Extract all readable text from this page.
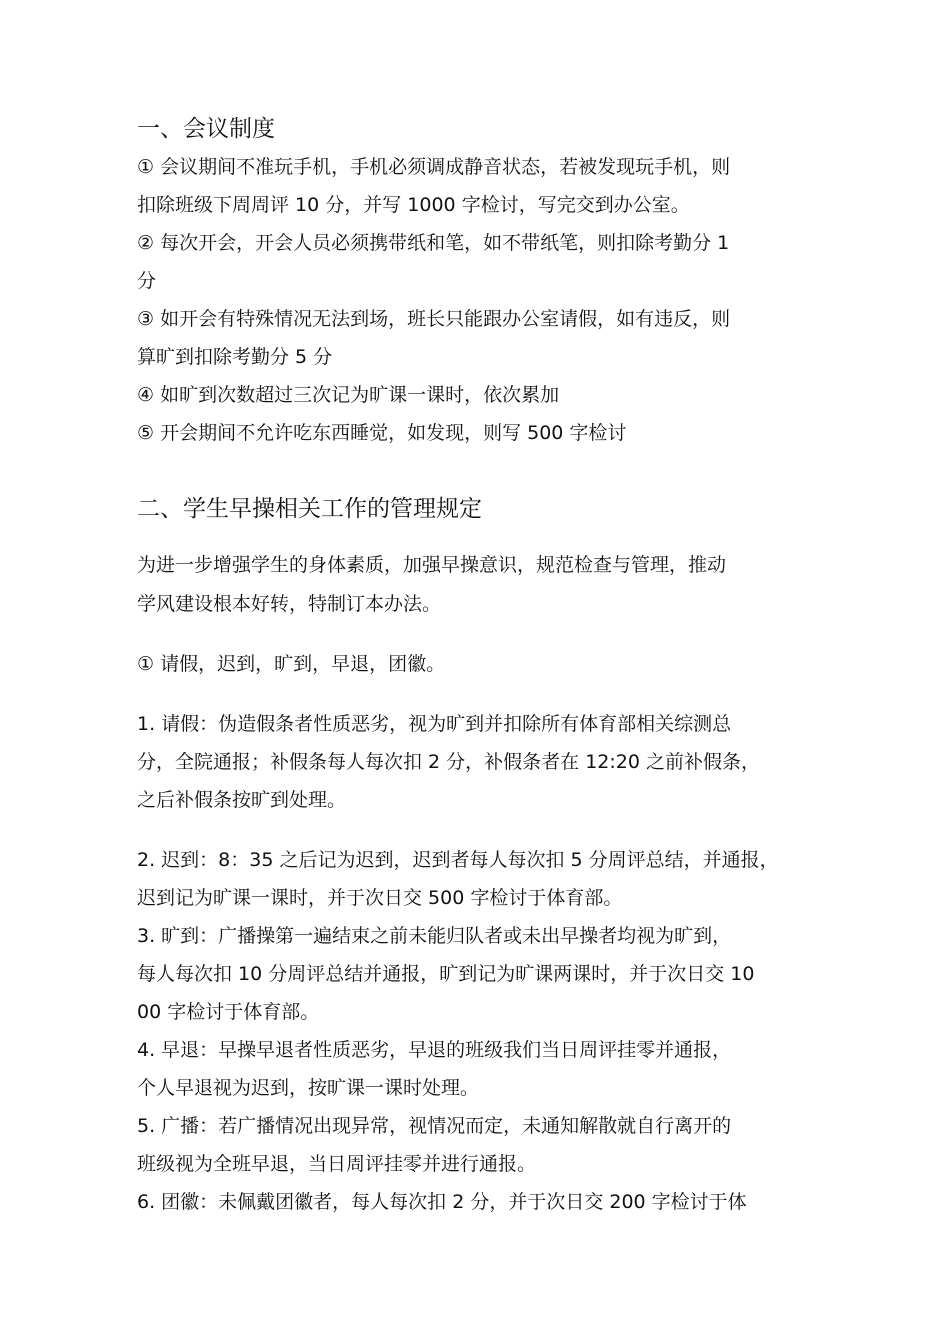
一、会议制度
① 会议期间不准玩手机，手机必须调成静音状态，若被发现玩手机，则
扣除班级下周周评 10 分，并写 1000 字检讨，写完交到办公室。
② 每次开会，开会人员必须携带纸和笔，如不带纸笔，则扣除考勤分 1
分
③ 如开会有特殊情况无法到场，班长只能跟办公室请假，如有违反，则
算旷到扣除考勤分 5 分
④ 如旷到次数超过三次记为旷课一课时，依次累加
⑤ 开会期间不允许吃东西睡觉，如发现，则写 500 字检讨
二、学生早操相关工作的管理规定
为进一步增强学生的身体素质，加强早操意识，规范检查与管理，推动
学风建设根本好转，特制订本办法。
① 请假，迟到，旷到，早退，团徽。
1. 请假：伪造假条者性质恶劣，视为旷到并扣除所有体育部相关综测总
分，全院通报；补假条每人每次扣 2 分，补假条者在 12:20 之前补假条，
之后补假条按旷到处理。
2. 迟到：8：35 之后记为迟到，迟到者每人每次扣 5 分周评总结，并通报，
迟到记为旷课一课时，并于次日交 500 字检讨于体育部。
3. 旷到：广播操第一遍结束之前未能归队者或未出早操者均视为旷到，
每人每次扣 10 分周评总结并通报，旷到记为旷课两课时，并于次日交 10
00 字检讨于体育部。
4. 早退：早操早退者性质恶劣，早退的班级我们当日周评挂零并通报，
个人早退视为迟到，按旷课一课时处理。
5. 广播：若广播情况出现异常，视情况而定，未通知解散就自行离开的
班级视为全班早退，当日周评挂零并进行通报。
6. 团徽：未佩戴团徽者，每人每次扣 2 分，并于次日交 200 字检讨于体
